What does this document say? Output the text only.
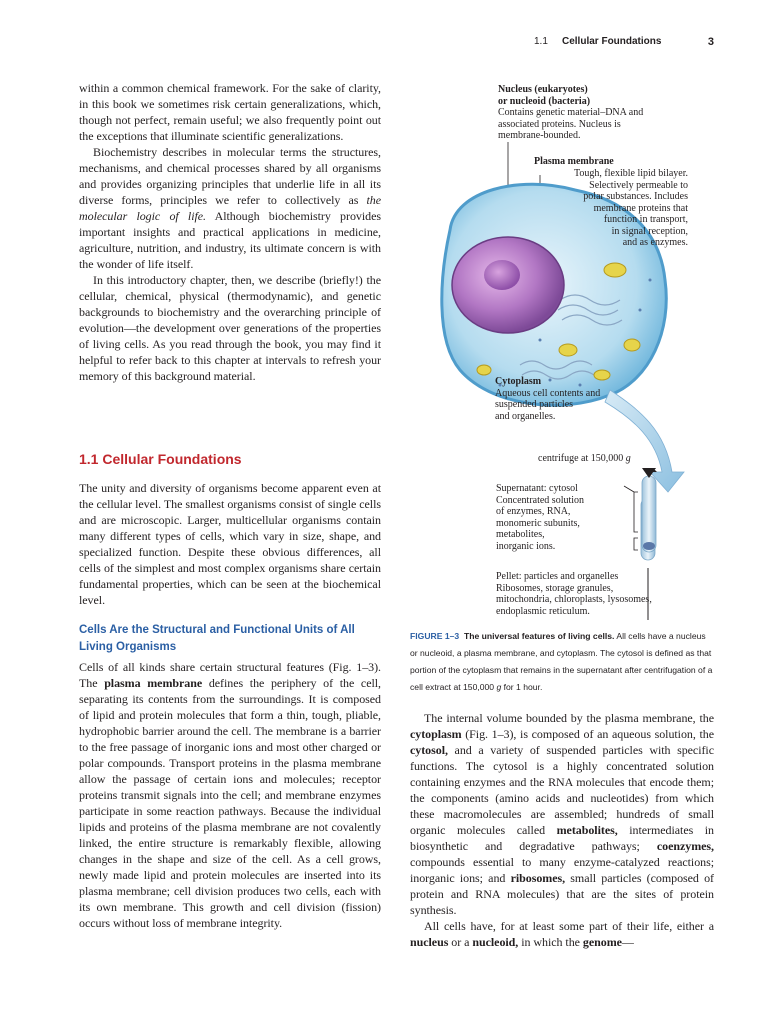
1.1 Cellular Foundations	3

within a common chemical framework. For the sake of clarity, in this book we sometimes risk certain generalizations, which, though not perfect, remain useful; we also frequently point out the exceptions that illuminate scientific generalizations.

Biochemistry describes in molecular terms the structures, mechanisms, and chemical processes shared by all organisms and provides organizing principles that underlie life in all its diverse forms, principles we refer to collectively as the molecular logic of life. Although biochemistry provides important insights and practical applications in medicine, agriculture, nutrition, and industry, its ultimate concern is with the wonder of life itself.

In this introductory chapter, then, we describe (briefly!) the cellular, chemical, physical (thermodynamic), and genetic backgrounds to biochemistry and the overarching principle of evolution—the development over generations of the properties of living cells. As you read through the book, you may find it helpful to refer back to this chapter at intervals to refresh your memory of this background material.

1.1 Cellular Foundations

The unity and diversity of organisms become apparent even at the cellular level. The smallest organisms consist of single cells and are microscopic. Larger, multicellular organisms contain many different types of cells, which vary in size, shape, and specialized function. Despite these obvious differences, all cells of the simplest and most complex organisms share certain fundamental properties, which can be seen at the biochemical level.

Cells Are the Structural and Functional Units of All Living Organisms

Cells of all kinds share certain structural features (Fig. 1–3). The plasma membrane defines the periphery of the cell, separating its contents from the surroundings. It is composed of lipid and protein molecules that form a thin, tough, pliable, hydrophobic barrier around the cell. The membrane is a barrier to the free passage of inorganic ions and most other charged or polar compounds. Transport proteins in the plasma membrane allow the passage of certain ions and molecules; receptor proteins transmit signals into the cell; and membrane enzymes participate in some reaction pathways. Because the individual lipids and proteins of the plasma membrane are not covalently linked, the entire structure is remarkably flexible, allowing changes in the shape and size of the cell. As a cell grows, newly made lipid and protein molecules are inserted into its plasma membrane; cell division produces two cells, each with its own membrane. This growth and cell division (fission) occurs without loss of membrane integrity.

Nucleus (eukaryotes)
or nucleoid (bacteria)
Contains genetic material–DNA and
associated proteins. Nucleus is
membrane-bounded.

Plasma membrane

Tough, flexible lipid bilayer.
Selectively permeable to
polar substances. Includes
membrane proteins that
function in transport,
in signal reception,
and as enzymes.

Cytoplasm
Aqueous cell contents and
suspended particles
and organelles.

centrifuge at 150,000 g

Supernatant: cytosol
Concentrated solution
of enzymes, RNA,
monomeric subunits,
metabolites,
inorganic ions.

Pellet: particles and organelles
Ribosomes, storage granules,
mitochondria, chloroplasts, lysosomes,
endoplasmic reticulum.

FIGURE 1–3 The universal features of living cells. All cells have a nucleus or nucleoid, a plasma membrane, and cytoplasm. The cytosol is defined as that portion of the cytoplasm that remains in the supernatant after centrifugation of a cell extract at 150,000 g for 1 hour.

The internal volume bounded by the plasma membrane, the cytoplasm (Fig. 1–3), is composed of an aqueous solution, the cytosol, and a variety of suspended particles with specific functions. The cytosol is a highly concentrated solution containing enzymes and the RNA molecules that encode them; the components (amino acids and nucleotides) from which these macromolecules are assembled; hundreds of small organic molecules called metabolites, intermediates in biosynthetic and degradative pathways; coenzymes, compounds essential to many enzyme-catalyzed reactions; inorganic ions; and ribosomes, small particles (composed of protein and RNA molecules) that are the sites of protein synthesis.

All cells have, for at least some part of their life, either a nucleus or a nucleoid, in which the genome—
